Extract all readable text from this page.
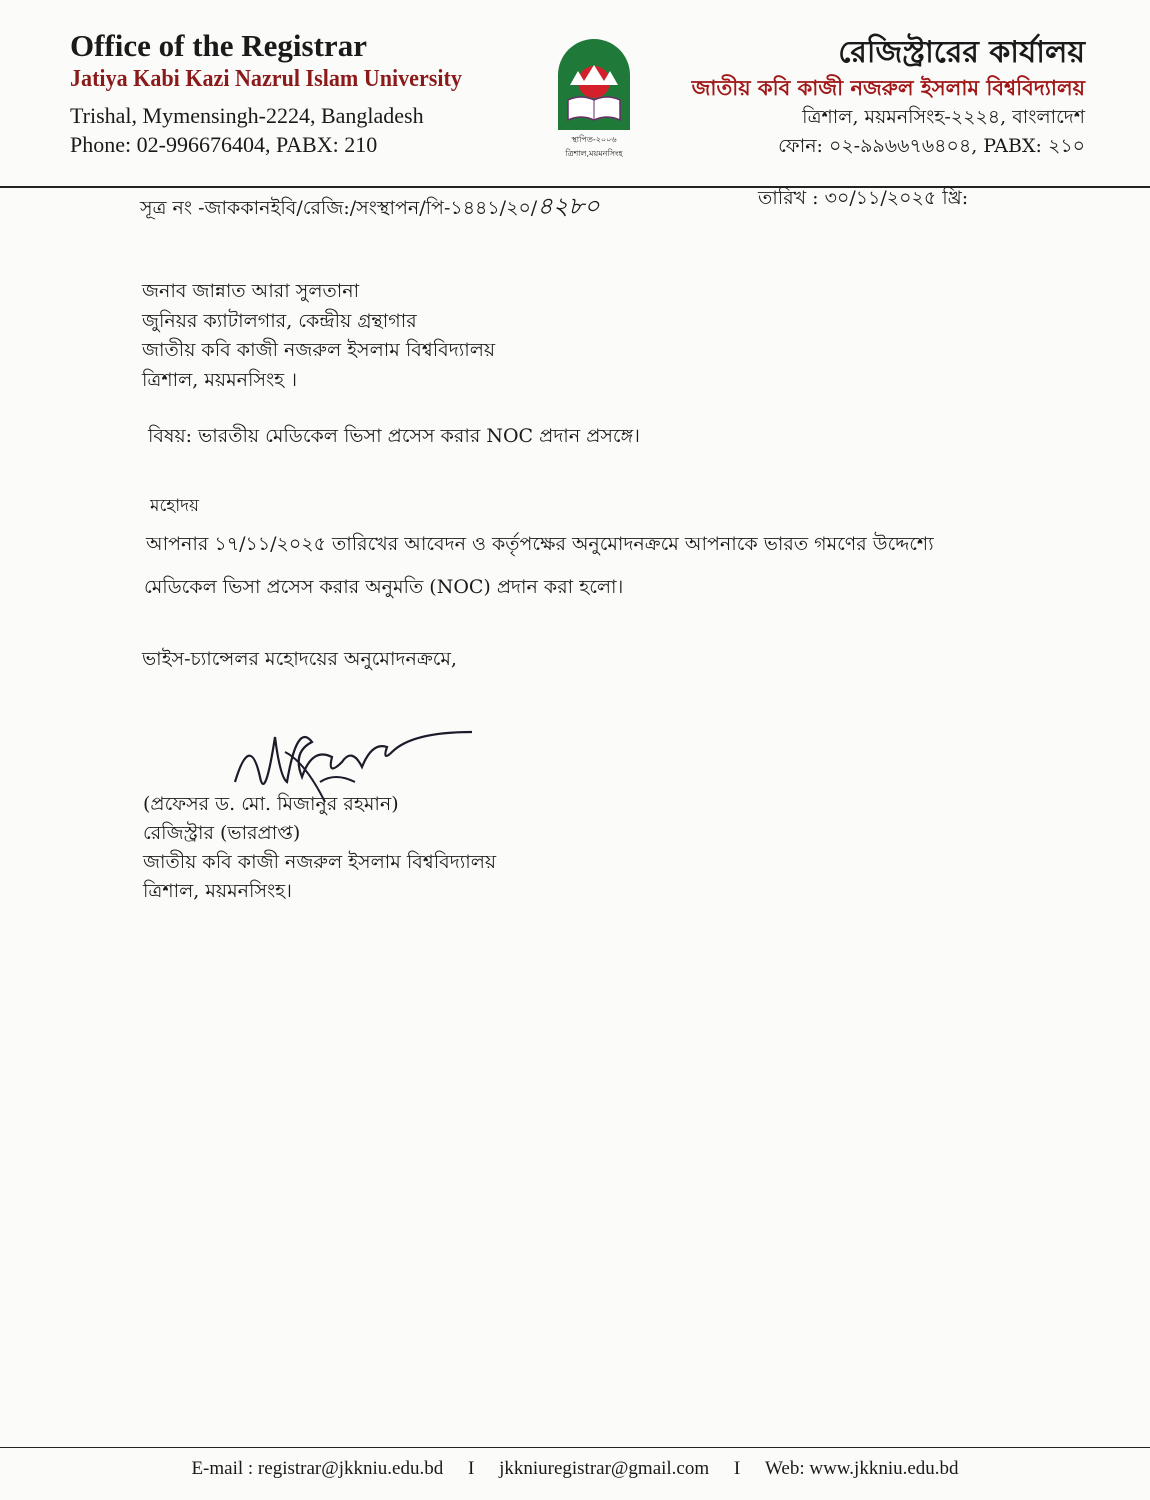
Office of the Registrar
Jatiya Kabi Kazi Nazrul Islam University
Trishal, Mymensingh-2224, Bangladesh
Phone: 02-996676404, PABX: 210	স্থাপিত-২০০৬
ত্রিশাল,ময়মনসিংহ
রেজিস্ট্রারের কার্যালয়
জাতীয় কবি কাজী নজরুল ইসলাম বিশ্ববিদ্যালয়
ত্রিশাল, ময়মনসিংহ-২২২৪, বাংলাদেশ
ফোন: ০২-৯৯৬৬৭৬৪০৪, PABX: ২১০
সূত্র নং -জাককানইবি/রেজি:/সংস্থাপন/পি-১৪৪১/২০/৪২৮০	তারিখ : ৩০/১১/২০২৫ খ্রি:
জনাব জান্নাত আরা সুলতানা
জুনিয়র ক্যাটালগার, কেন্দ্রীয় গ্রন্থাগার
জাতীয় কবি কাজী নজরুল ইসলাম বিশ্ববিদ্যালয়
ত্রিশাল, ময়মনসিংহ ।
বিষয়: ভারতীয় মেডিকেল ভিসা প্রসেস করার NOC প্রদান প্রসঙ্গে।
মহোদয়
আপনার ১৭/১১/২০২৫ তারিখের আবেদন ও কর্তৃপক্ষের অনুমোদনক্রমে আপনাকে ভারত গমণের উদ্দেশ্যে
মেডিকেল ভিসা প্রসেস করার অনুমতি (NOC) প্রদান করা হলো।
ভাইস-চ্যান্সেলর মহোদয়ের অনুমোদনক্রমে,
(প্রফেসর ড. মো. মিজানুর রহমান)
রেজিস্ট্রার (ভারপ্রাপ্ত)
জাতীয় কবি কাজী নজরুল ইসলাম বিশ্ববিদ্যালয়
ত্রিশাল, ময়মনসিংহ।
E-mail : registrar@jkkniu.edu.bd I jkkniuregistrar@gmail.com I Web: www.jkkniu.edu.bd
